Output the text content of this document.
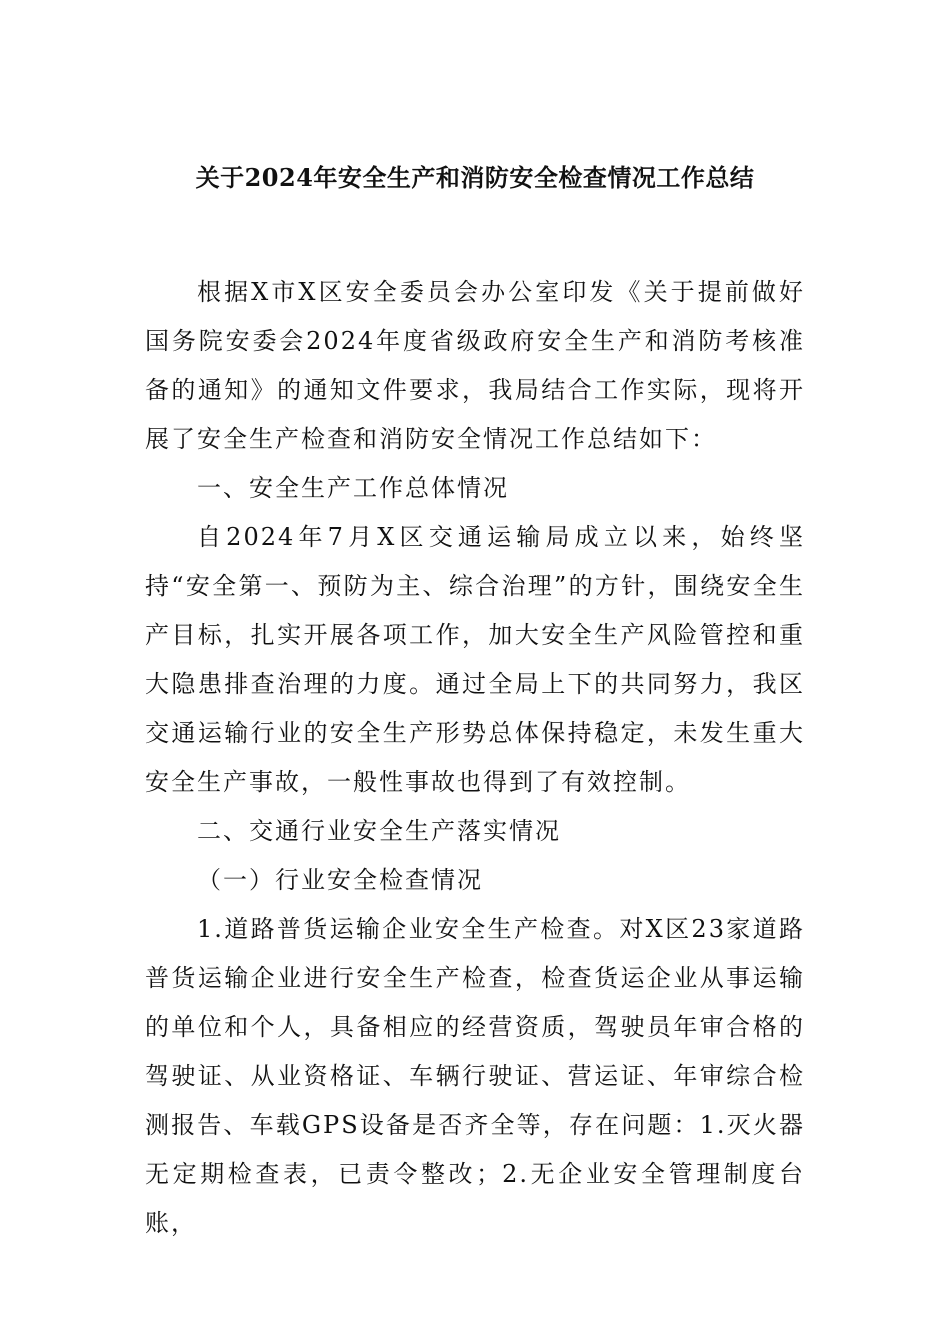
关于2024年安全生产和消防安全检查情况工作总结

根据X市X区安全委员会办公室印发《关于提前做好国务院安委会2024年度省级政府安全生产和消防考核准备的通知》的通知文件要求，我局结合工作实际，现将开展了安全生产检查和消防安全情况工作总结如下：

一、安全生产工作总体情况

自2024年7月X区交通运输局成立以来，始终坚持“安全第一、预防为主、综合治理”的方针，围绕安全生产目标，扎实开展各项工作，加大安全生产风险管控和重大隐患排查治理的力度。通过全局上下的共同努力，我区交通运输行业的安全生产形势总体保持稳定，未发生重大安全生产事故，一般性事故也得到了有效控制。

二、交通行业安全生产落实情况

（一）行业安全检查情况

1.道路普货运输企业安全生产检查。对X区23家道路普货运输企业进行安全生产检查，检查货运企业从事运输的单位和个人，具备相应的经营资质，驾驶员年审合格的驾驶证、从业资格证、车辆行驶证、营运证、年审综合检测报告、车载GPS设备是否齐全等，存在问题：1.灭火器无定期检查表，已责令整改；2.无企业安全管理制度台账，
